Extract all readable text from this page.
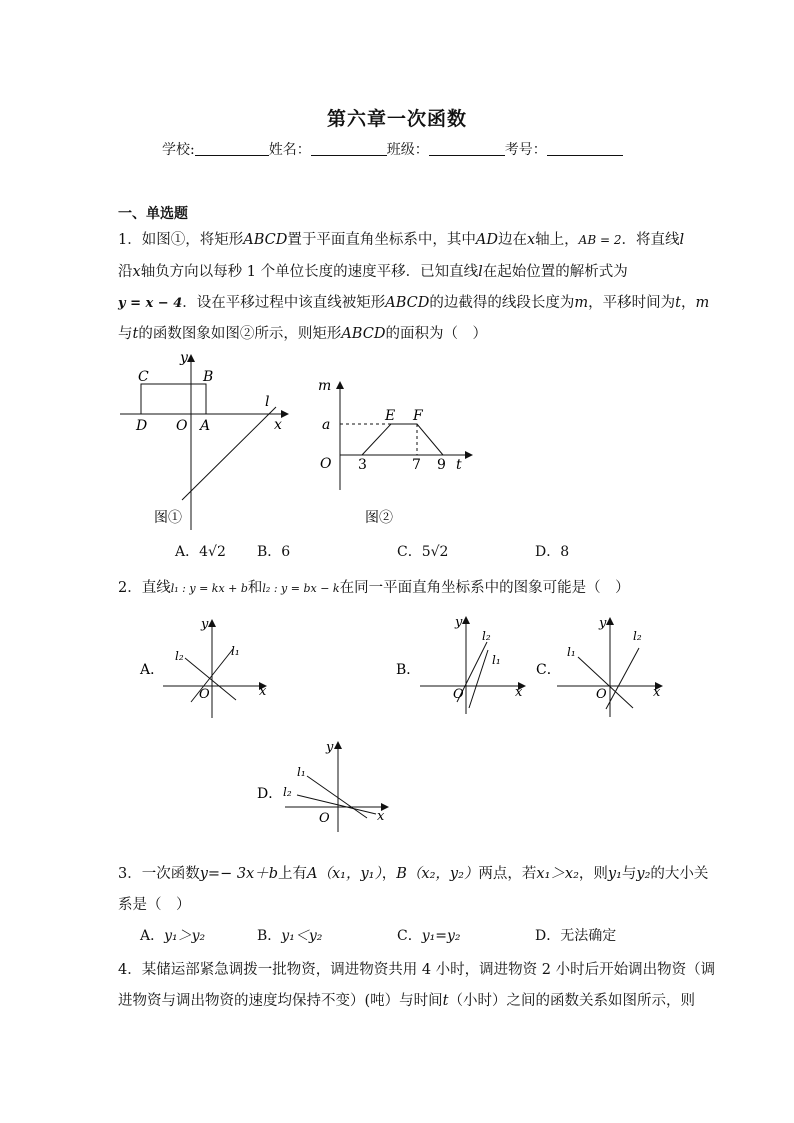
第六章一次函数
学校:	姓名：	班级：	考号：
一、单选题
1．如图①，将矩形ABCD置于平面直角坐标系中，其中AD边在x轴上，AB = 2．将直线l
沿x轴负方向以每秒 1 个单位长度的速度平移．已知直线l在起始位置的解析式为
y = x − 4．设在平移过程中该直线被矩形ABCD的边截得的线段长度为m，平移时间为t，m
与t的函数图象如图②所示，则矩形ABCD的面积为（　）
C	B
D O A	x
y
l
图①
m
E F
a
O 3	7 9 t
图②
A．4√2 B．6	C．5√2	D．8
2．直线l₁ : y = kx + b和l₂ : y = bx − k在同一平面直角坐标系中的图象可能是（　）
A．
y
x
O
l₁
l₂
B．
y
x
O
l₂
l₁
C．
y
x
O
l₁
l₂
D．
y
x
O
l₁
l₂
3．一次函数y=− 3x＋b上有A（x₁，y₁），B（x₂，y₂）两点，若x₁＞x₂，则y₁与y₂的大小关
系是（　）
A．y₁＞y₂	B．y₁＜y₂	C．y₁=y₂	D．无法确定
4．某储运部紧急调拨一批物资，调进物资共用 4 小时，调进物资 2 小时后开始调出物资（调
进物资与调出物资的速度均保持不变）(吨）与时间t（小时）之间的函数关系如图所示，则
